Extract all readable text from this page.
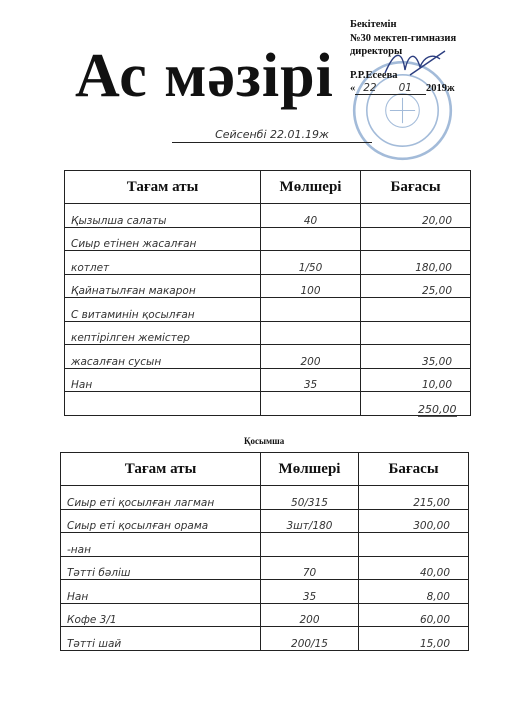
Ас мәзірі
Бекітемін
№30 мектеп-гимназия
директоры
Р.Р.Есеева
« 22 01 2019ж
Сейсенбі 22.01.19ж
Тағам аты	Мөлшері	Бағасы
Қызылша салаты	40	20,00
Сиыр етінен жасалған		
котлет	1/50	180,00
Қайнатылған макарон	100	25,00
С витаминін қосылған		
кептірілген жемістер		
жасалған сусын	200	35,00
Нан	35	10,00

250,00
Қосымша
Тағам аты	Мөлшері	Бағасы
Сиыр еті қосылған лагман	50/315	215,00
Сиыр еті қосылған орама	3шт/180	300,00
-нан		
Тәтті бәліш	70	40,00
Нан	35	8,00
Кофе 3/1	200	60,00
Тәтті шай	200/15	15,00
